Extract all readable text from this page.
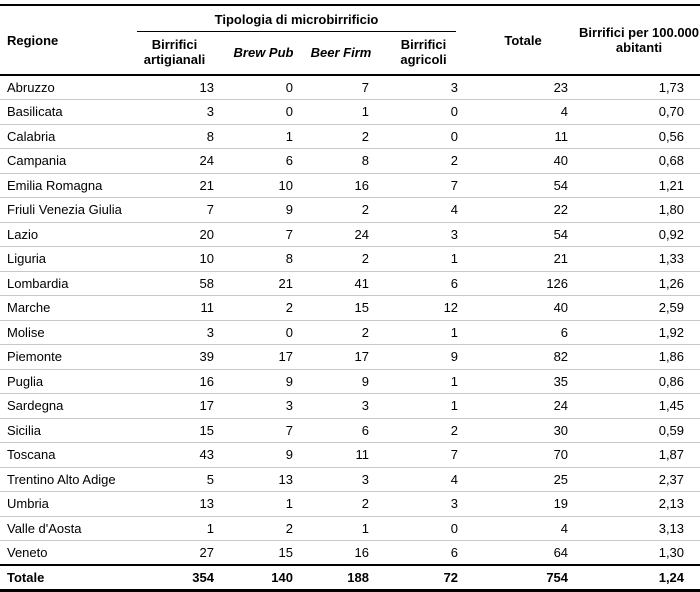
Regione	Tipologia di microbirrificio				Totale	Birrifici per 100.000 abitanti
	Birrifici artigianali	Brew Pub	Beer Firm	Birrifici agricoli		
Abruzzo	13	0	7	3	23	1,73
Basilicata	3	0	1	0	4	0,70
Calabria	8	1	2	0	11	0,56
Campania	24	6	8	2	40	0,68
Emilia Romagna	21	10	16	7	54	1,21
Friuli Venezia Giulia	7	9	2	4	22	1,80
Lazio	20	7	24	3	54	0,92
Liguria	10	8	2	1	21	1,33
Lombardia	58	21	41	6	126	1,26
Marche	11	2	15	12	40	2,59
Molise	3	0	2	1	6	1,92
Piemonte	39	17	17	9	82	1,86
Puglia	16	9	9	1	35	0,86
Sardegna	17	3	3	1	24	1,45
Sicilia	15	7	6	2	30	0,59
Toscana	43	9	11	7	70	1,87
Trentino Alto Adige	5	13	3	4	25	2,37
Umbria	13	1	2	3	19	2,13
Valle d'Aosta	1	2	1	0	4	3,13
Veneto	27	15	16	6	64	1,30
Totale	354	140	188	72	754	1,24
